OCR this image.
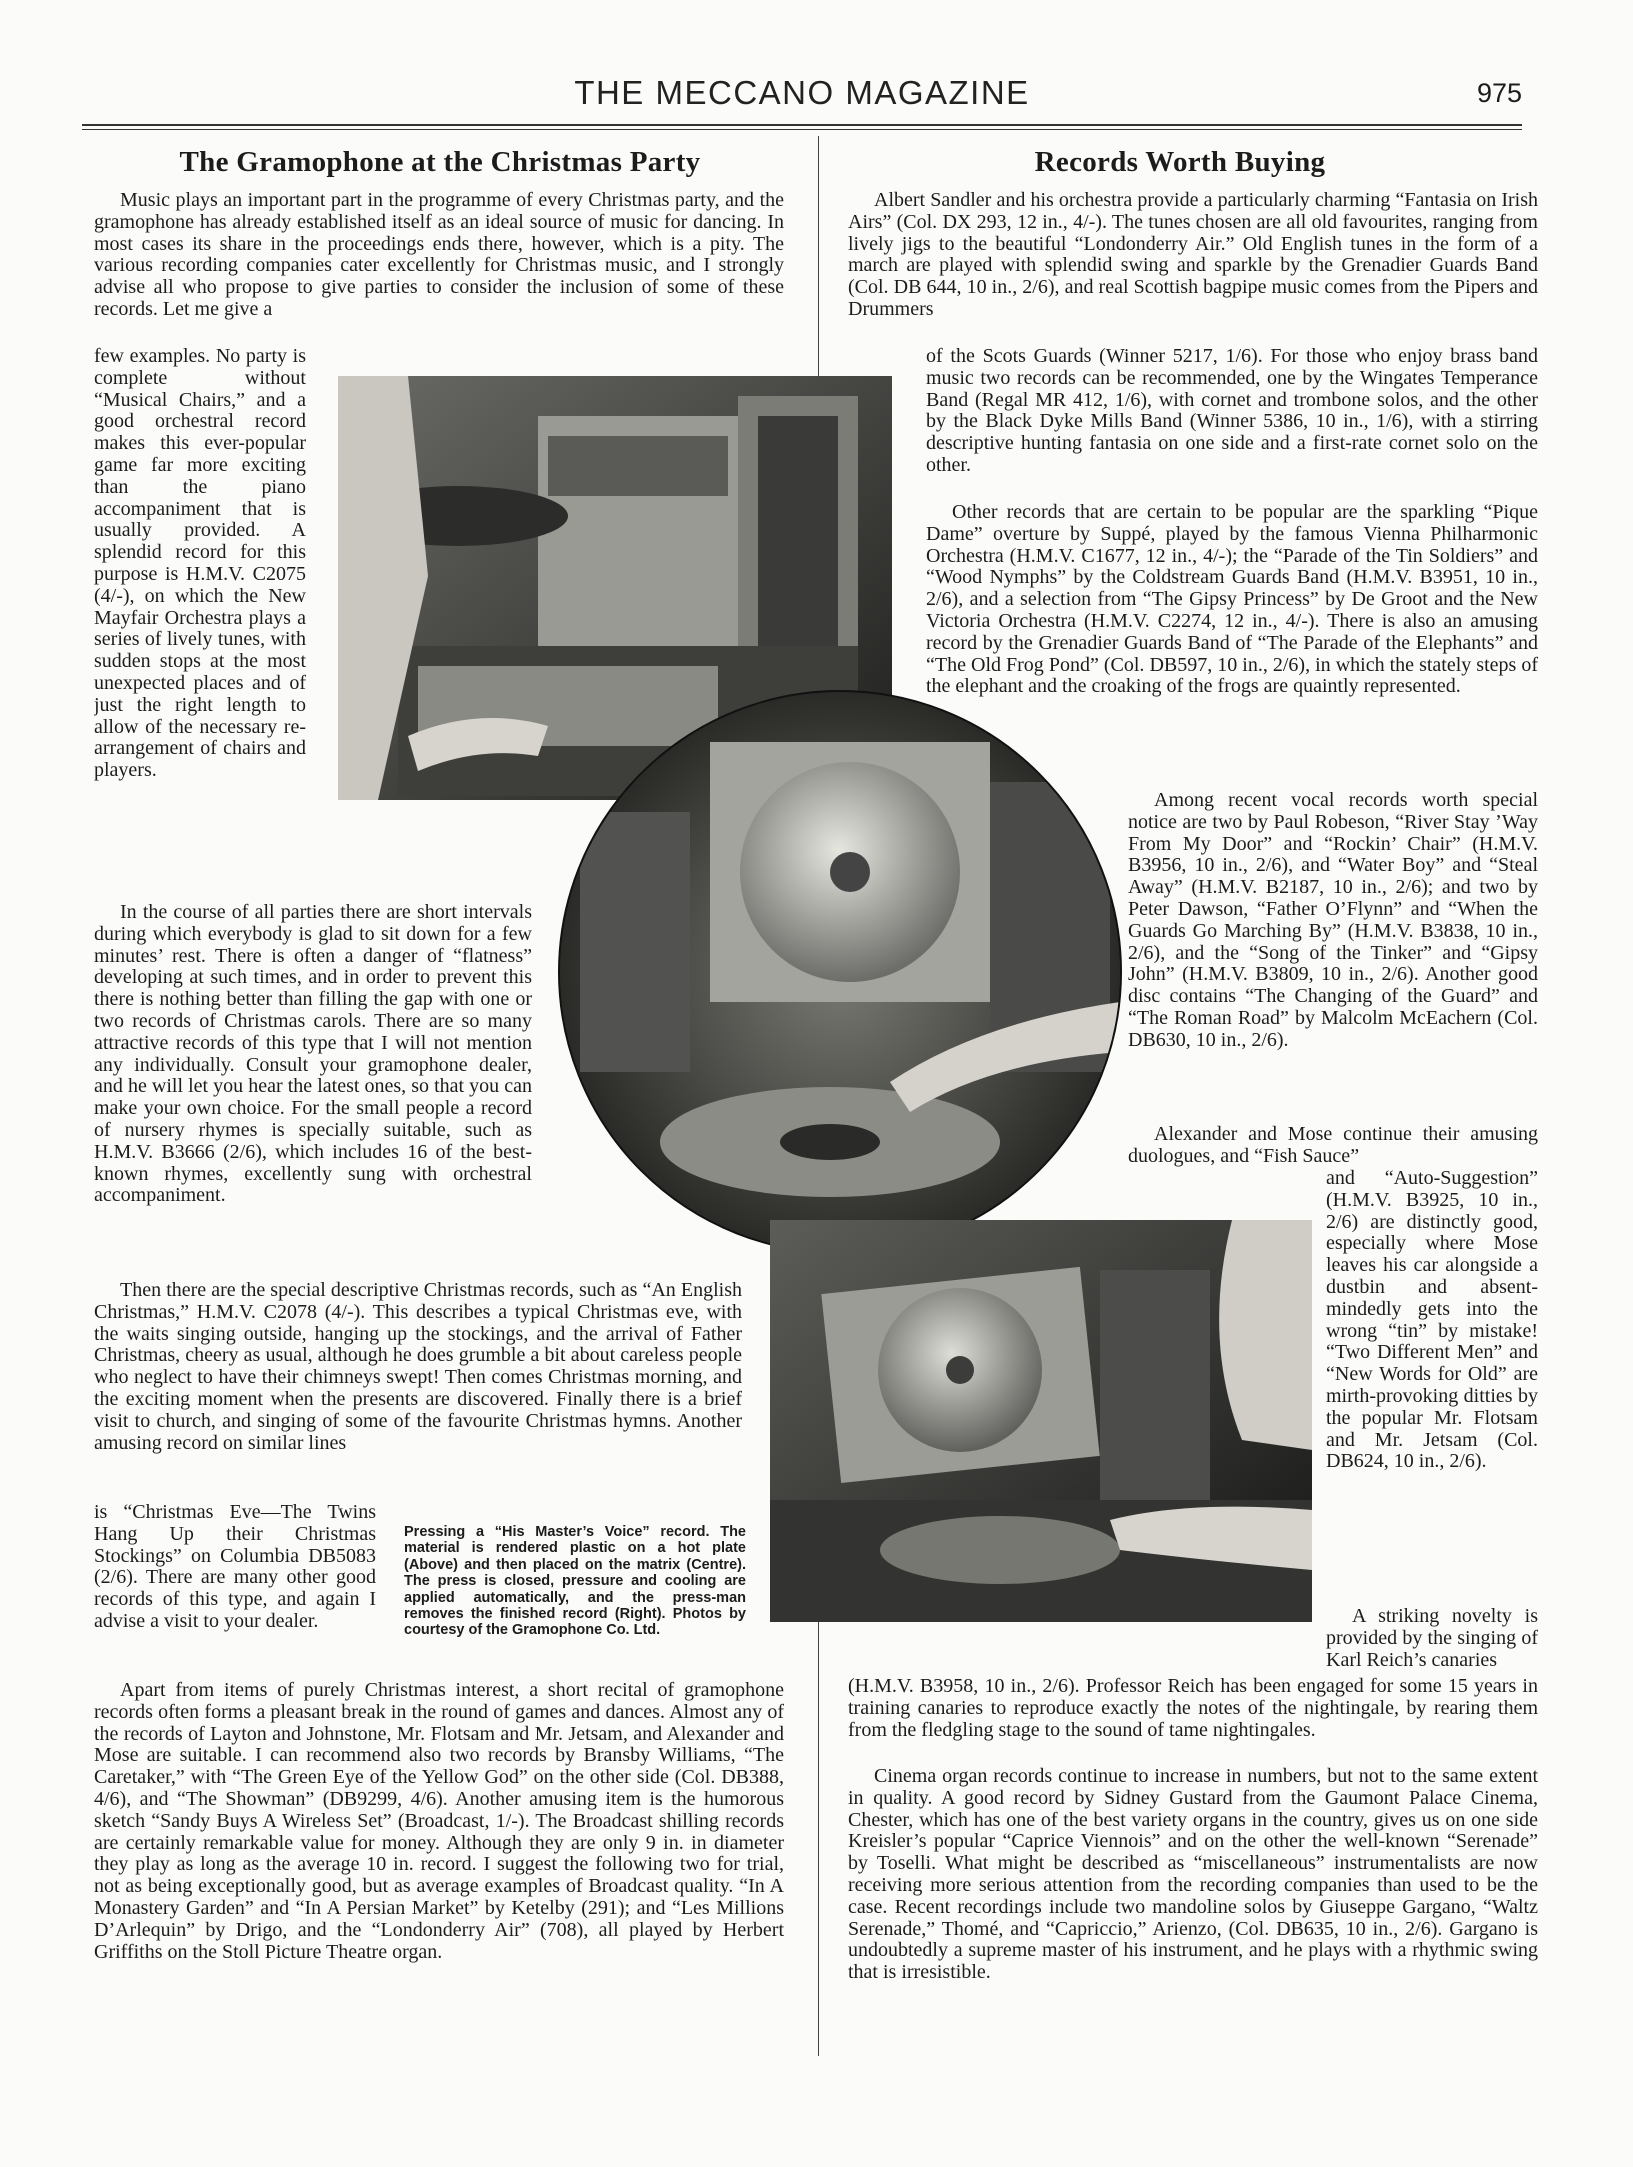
THE MECCANO MAGAZINE	975
The Gramophone at the Christmas Party
Music plays an important part in the programme of every Christmas party, and the gramophone has already established itself as an ideal source of music for dancing. In most cases its share in the proceedings ends there, however, which is a pity. The various recording companies cater excellently for Christmas music, and I strongly advise all who propose to give parties to consider the inclusion of some of these records. Let me give a
few examples. No party is complete without “Musical Chairs,” and a good orchestral record makes this ever-popular game far more exciting than the piano accompaniment that is usually provided. A splendid record for this purpose is H.M.V. C2075 (4/-), on which the New Mayfair Orchestra plays a series of lively tunes, with sudden stops at the most unexpected places and of just the right length to allow of the necessary re-arrangement of chairs and players.
In the course of all parties there are short intervals during which everybody is glad to sit down for a few minutes’ rest. There is often a danger of “flatness” developing at such times, and in order to prevent this there is nothing better than filling the gap with one or two records of Christmas carols. There are so many attractive records of this type that I will not mention any individually. Consult your gramophone dealer, and he will let you hear the latest ones, so that you can make your own choice. For the small people a record of nursery rhymes is specially suitable, such as H.M.V. B3666 (2/6), which includes 16 of the best-known rhymes, excellently sung with orchestral accompaniment.
Then there are the special descriptive Christmas records, such as “An English Christmas,” H.M.V. C2078 (4/-). This describes a typical Christmas eve, with the waits singing outside, hanging up the stockings, and the arrival of Father Christmas, cheery as usual, although he does grumble a bit about careless people who neglect to have their chimneys swept! Then comes Christmas morning, and the exciting moment when the presents are discovered. Finally there is a brief visit to church, and singing of some of the favourite Christmas hymns. Another amusing record on similar lines
is “Christmas Eve—The Twins Hang Up their Christmas Stockings” on Columbia DB5083 (2/6). There are many other good records of this type, and again I advise a visit to your dealer.
Apart from items of purely Christmas interest, a short recital of gramophone records often forms a pleasant break in the round of games and dances. Almost any of the records of Layton and Johnstone, Mr. Flotsam and Mr. Jetsam, and Alexander and Mose are suitable. I can recommend also two records by Bransby Williams, “The Caretaker,” with “The Green Eye of the Yellow God” on the other side (Col. DB388, 4/6), and “The Showman” (DB9299, 4/6). Another amusing item is the humorous sketch “Sandy Buys A Wireless Set” (Broadcast, 1/-). The Broadcast shilling records are certainly remarkable value for money. Although they are only 9 in. in diameter they play as long as the average 10 in. record. I suggest the following two for trial, not as being exceptionally good, but as average examples of Broadcast quality. “In A Monastery Garden” and “In A Persian Market” by Ketelby (291); and “Les Millions D’Arlequin” by Drigo, and the “Londonderry Air” (708), all played by Herbert Griffiths on the Stoll Picture Theatre organ.
Pressing a “His Master’s Voice” record. The material is rendered plastic on a hot plate (Above) and then placed on the matrix (Centre). The press is closed, pressure and cooling are applied automatically, and the press-man removes the finished record (Right). Photos by courtesy of the Gramophone Co. Ltd.
Records Worth Buying
Albert Sandler and his orchestra provide a particularly charming “Fantasia on Irish Airs” (Col. DX 293, 12 in., 4/-). The tunes chosen are all old favourites, ranging from lively jigs to the beautiful “Londonderry Air.” Old English tunes in the form of a march are played with splendid swing and sparkle by the Grenadier Guards Band (Col. DB 644, 10 in., 2/6), and real Scottish bagpipe music comes from the Pipers and Drummers
of the Scots Guards (Winner 5217, 1/6). For those who enjoy brass band music two records can be recommended, one by the Wingates Temperance Band (Regal MR 412, 1/6), with cornet and trombone solos, and the other by the Black Dyke Mills Band (Winner 5386, 10 in., 1/6), with a stirring descriptive hunting fantasia on one side and a first-rate cornet solo on the other.
Other records that are certain to be popular are the sparkling “Pique Dame” overture by Suppé, played by the famous Vienna Philharmonic Orchestra (H.M.V. C1677, 12 in., 4/-); the “Parade of the Tin Soldiers” and “Wood Nymphs” by the Coldstream Guards Band (H.M.V. B3951, 10 in., 2/6), and a selection from “The Gipsy Princess” by De Groot and the New Victoria Orchestra (H.M.V. C2274, 12 in., 4/-). There is also an amusing record by the Grenadier Guards Band of “The Parade of the Elephants” and “The Old Frog Pond” (Col. DB597, 10 in., 2/6), in which the stately steps of the elephant and the croaking of the frogs are quaintly represented.
Among recent vocal records worth special notice are two by Paul Robeson, “River Stay ’Way From My Door” and “Rockin’ Chair” (H.M.V. B3956, 10 in., 2/6), and “Water Boy” and “Steal Away” (H.M.V. B2187, 10 in., 2/6); and two by Peter Dawson, “Father O’Flynn” and “When the Guards Go Marching By” (H.M.V. B3838, 10 in., 2/6), and the “Song of the Tinker” and “Gipsy John” (H.M.V. B3809, 10 in., 2/6). Another good disc contains “The Changing of the Guard” and “The Roman Road” by Malcolm McEachern (Col. DB630, 10 in., 2/6).
Alexander and Mose continue their amusing duologues, and “Fish Sauce”
and “Auto-Suggestion” (H.M.V. B3925, 10 in., 2/6) are distinctly good, especially where Mose leaves his car alongside a dustbin and absent-mindedly gets into the wrong “tin” by mistake! “Two Different Men” and “New Words for Old” are mirth-provoking ditties by the popular Mr. Flotsam and Mr. Jetsam (Col. DB624, 10 in., 2/6).
A striking novelty is provided by the singing of Karl Reich’s canaries
(H.M.V. B3958, 10 in., 2/6). Professor Reich has been engaged for some 15 years in training canaries to reproduce exactly the notes of the nightingale, by rearing them from the fledgling stage to the sound of tame nightingales.
Cinema organ records continue to increase in numbers, but not to the same extent in quality. A good record by Sidney Gustard from the Gaumont Palace Cinema, Chester, which has one of the best variety organs in the country, gives us on one side Kreisler’s popular “Caprice Viennois” and on the other the well-known “Serenade” by Toselli. What might be described as “miscellaneous” instrumentalists are now receiving more serious attention from the recording companies than used to be the case. Recent recordings include two mandoline solos by Giuseppe Gargano, “Waltz Serenade,” Thomé, and “Capriccio,” Arienzo, (Col. DB635, 10 in., 2/6). Gargano is undoubtedly a supreme master of his instrument, and he plays with a rhythmic swing that is irresistible.
